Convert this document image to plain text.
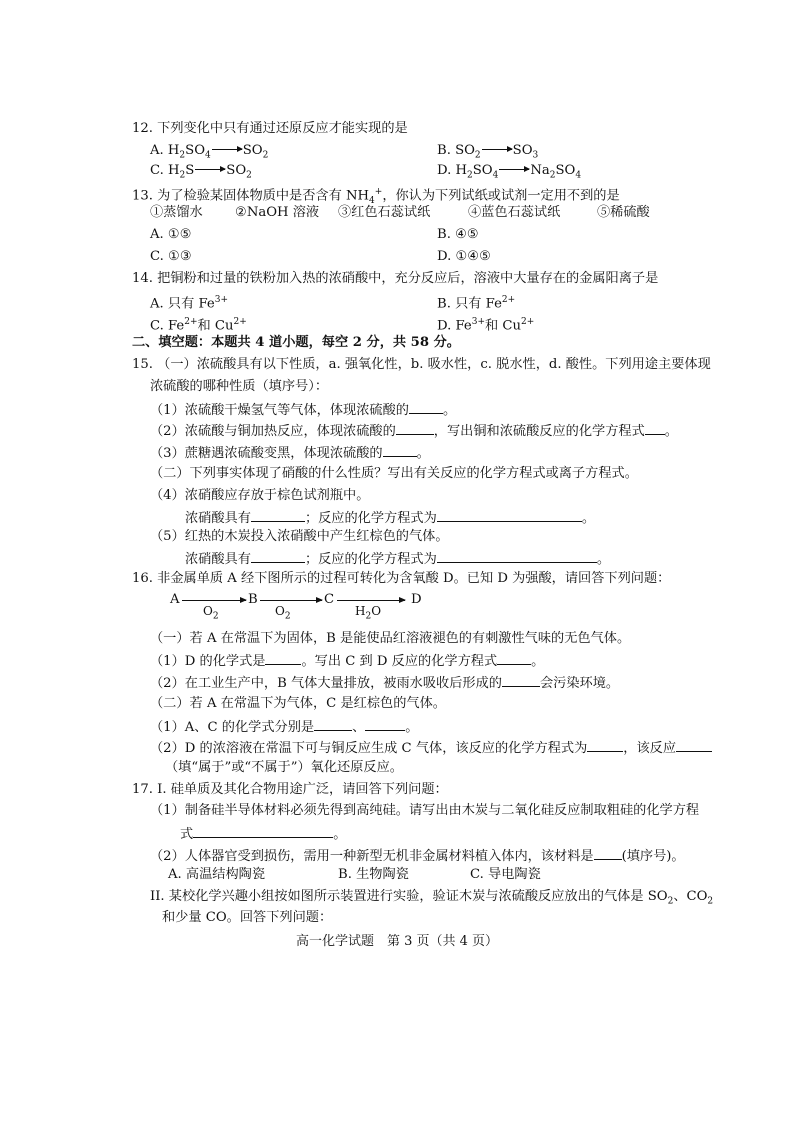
12. 下列变化中只有通过还原反应才能实现的是
A. $H_2SO_4$ $SO_2$	B. $SO_2$ $SO_3$
C. $H_2S$ $SO_2$	D. $H_2SO_4$ $Na_2SO_4$
13. 为了检验某固体物质中是否含有 $NH_4^+$，你认为下列试纸或试剂一定用不到的是
①蒸馏水 ②NaOH 溶液 ③红色石蕊试纸	④蓝色石蕊试纸	⑤稀硫酸
A. ①⑤	B. ④⑤
C. ①③	D. ①④⑤
14. 把铜粉和过量的铁粉加入热的浓硝酸中，充分反应后，溶液中大量存在的金属阳离子是
A. 只有 $Fe^{3+}$	B. 只有 $Fe^{2+}$
C. $Fe^{2+}$和 $Cu^{2+}$	D. $Fe^{3+}$和 $Cu^{2+}$
二、填空题：本题共 4 道小题，每空 2 分，共 58 分。
15. （一）浓硫酸具有以下性质，a. 强氧化性，b. 吸水性，c. 脱水性，d. 酸性。下列用途主要体现
浓硫酸的哪种性质（填序号）：
（1）浓硫酸干燥氢气等气体，体现浓硫酸的	。
（2）浓硫酸与铜加热反应，体现浓硫酸的	，写出铜和浓硫酸反应的化学方程式 。
（3）蔗糖遇浓硫酸变黑，体现浓硫酸的	。
（二）下列事实体现了硝酸的什么性质？写出有关反应的化学方程式或离子方程式。
（4）浓硝酸应存放于棕色试剂瓶中。
浓硝酸具有	；反应的化学方程式为	。
（5）红热的木炭投入浓硝酸中产生红棕色的气体。
浓硝酸具有	；反应的化学方程式为	。
16. 非金属单质 A 经下图所示的过程可转化为含氧酸 D。已知 D 为强酸，请回答下列问题：
A
$O_2$
B
$O_2$
C
$H_2O$
D
（一）若 A 在常温下为固体，B 是能使品红溶液褪色的有刺激性气味的无色气体。
（1）D 的化学式是	。写出 C 到 D 反应的化学方程式	。
（2）在工业生产中，B 气体大量排放，被雨水吸收后形成的	会污染环境。
（二）若 A 在常温下为气体，C 是红棕色的气体。
（1）A、C 的化学式分别是	、	。
（2）D 的浓溶液在常温下可与铜反应生成 C 气体，该反应的化学方程式为	，该反应
（填“属于”或“不属于”）氧化还原反应。
17. I. 硅单质及其化合物用途广泛，请回答下列问题：
（1）制备硅半导体材料必须先得到高纯硅。请写出由木炭与二氧化硅反应制取粗硅的化学方程
式	。
（2）人体器官受到损伤，需用一种新型无机非金属材料植入体内，该材料是 (填序号)。
A. 高温结构陶瓷	B. 生物陶瓷	C. 导电陶瓷
II. 某校化学兴趣小组按如图所示装置进行实验，验证木炭与浓硫酸反应放出的气体是 $SO_2$、$CO_2$
和少量 CO。回答下列问题：
高一化学试题　第 3 页（共 4 页）
